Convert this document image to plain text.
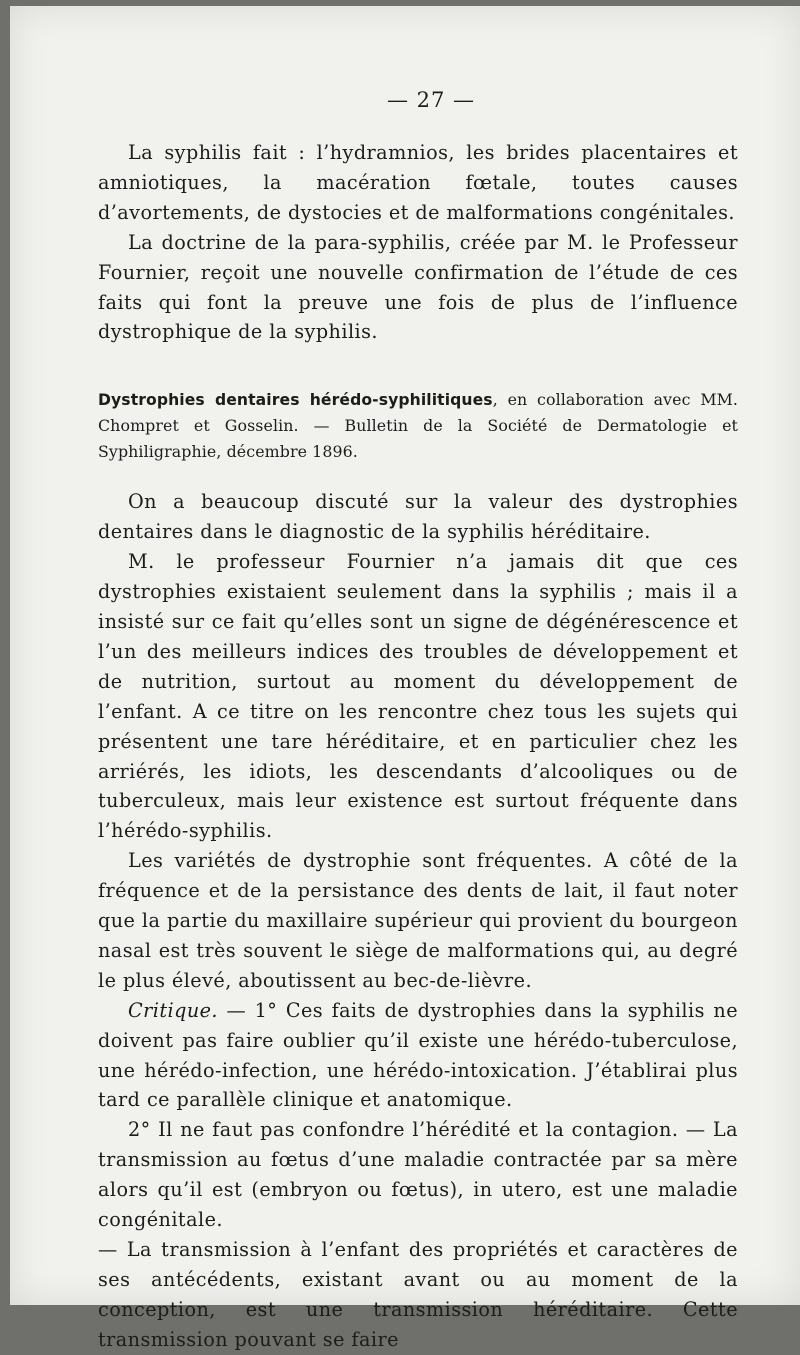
— 27 —

La syphilis fait : l’hydramnios, les brides placentaires et amniotiques, la macération fœtale, toutes causes d’avortements, de dystocies et de malformations congénitales.

La doctrine de la para-syphilis, créée par M. le Professeur Fournier, reçoit une nouvelle confirmation de l’étude de ces faits qui font la preuve une fois de plus de l’influence dystrophique de la syphilis.

Dystrophies dentaires hérédo-syphilitiques, en collaboration avec MM. Chompret et Gosselin. — Bulletin de la Société de Dermatologie et Syphiligraphie, décembre 1896.

On a beaucoup discuté sur la valeur des dystrophies dentaires dans le diagnostic de la syphilis héréditaire.

M. le professeur Fournier n’a jamais dit que ces dystrophies existaient seulement dans la syphilis ; mais il a insisté sur ce fait qu’elles sont un signe de dégénérescence et l’un des meilleurs indices des troubles de développement et de nutrition, surtout au moment du développement de l’enfant. A ce titre on les rencontre chez tous les sujets qui présentent une tare héréditaire, et en particulier chez les arriérés, les idiots, les descendants d’alcooliques ou de tuberculeux, mais leur existence est surtout fréquente dans l’hérédo-syphilis.

Les variétés de dystrophie sont fréquentes. A côté de la fréquence et de la persistance des dents de lait, il faut noter que la partie du maxillaire supérieur qui provient du bourgeon nasal est très souvent le siège de malformations qui, au degré le plus élevé, aboutissent au bec-de-lièvre.

Critique. — 1° Ces faits de dystrophies dans la syphilis ne doivent pas faire oublier qu’il existe une hérédo-tuberculose, une hérédo-infection, une hérédo-intoxication. J’établirai plus tard ce parallèle clinique et anatomique.

2° Il ne faut pas confondre l’hérédité et la contagion. — La transmission au fœtus d’une maladie contractée par sa mère alors qu’il est (embryon ou fœtus), in utero, est une maladie congénitale.

— La transmission à l’enfant des propriétés et caractères de ses antécédents, existant avant ou au moment de la conception, est une transmission héréditaire. Cette transmission pouvant se faire
